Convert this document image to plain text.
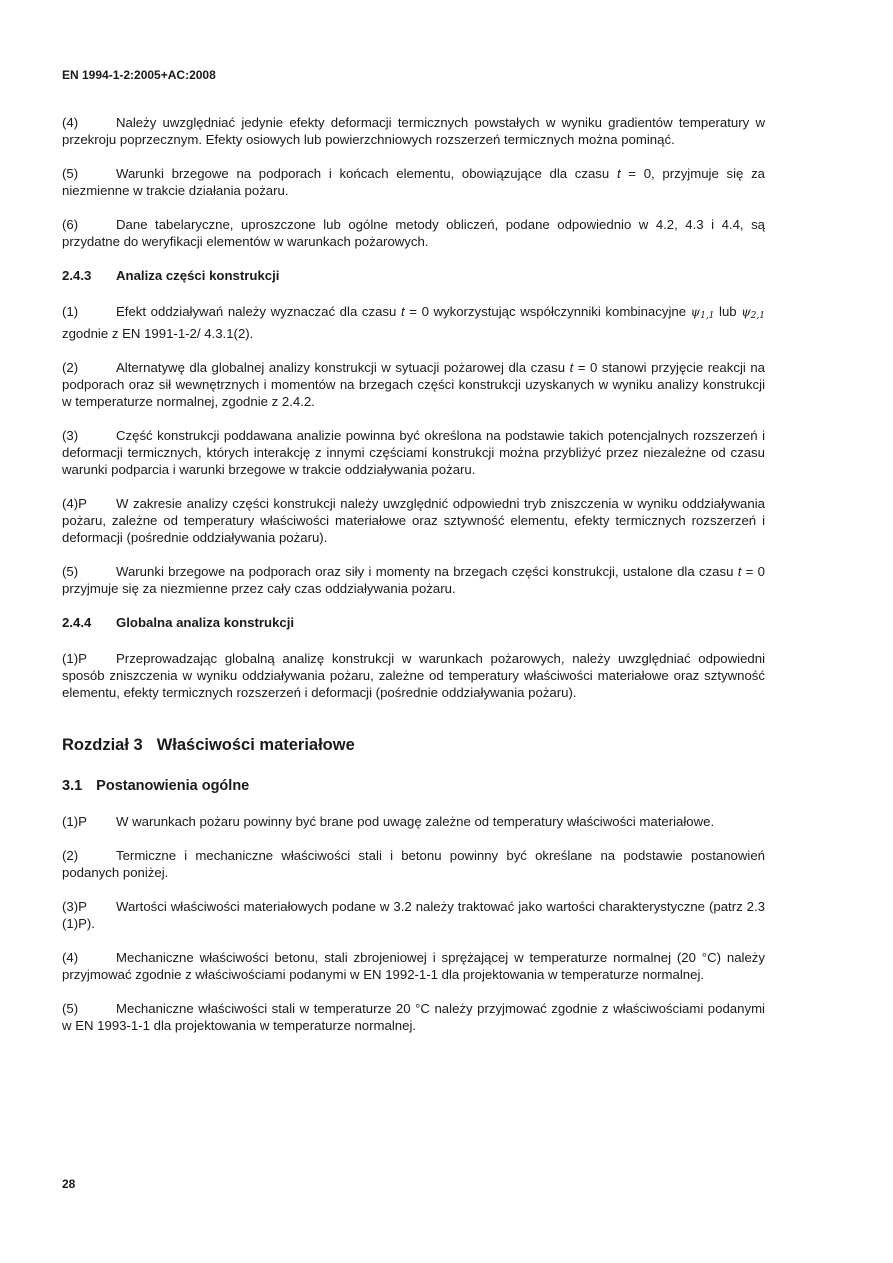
EN 1994-1-2:2005+AC:2008

(4)	Należy uwzględniać jedynie efekty deformacji termicznych powstałych w wyniku gradientów temperatury w przekroju poprzecznym. Efekty osiowych lub powierzchniowych rozszerzeń termicznych można pominąć.

(5)	Warunki brzegowe na podporach i końcach elementu, obowiązujące dla czasu t = 0, przyjmuje się za niezmienne w trakcie działania pożaru.

(6)	Dane tabelaryczne, uproszczone lub ogólne metody obliczeń, podane odpowiednio w 4.2, 4.3 i 4.4, są przydatne do weryfikacji elementów w warunkach pożarowych.

2.4.3 Analiza części konstrukcji

(1)	Efekt oddziaływań należy wyznaczać dla czasu t = 0 wykorzystując współczynniki kombinacyjne $\psi_{1,1}$ lub $\psi_{2,1}$ zgodnie z EN 1991-1-2/ 4.3.1(2).

(2)	Alternatywę dla globalnej analizy konstrukcji w sytuacji pożarowej dla czasu t = 0 stanowi przyjęcie reakcji na podporach oraz sił wewnętrznych i momentów na brzegach części konstrukcji uzyskanych w wyniku analizy konstrukcji w temperaturze normalnej, zgodnie z 2.4.2.

(3)	Część konstrukcji poddawana analizie powinna być określona na podstawie takich potencjalnych rozszerzeń i deformacji termicznych, których interakcję z innymi częściami konstrukcji można przybliżyć przez niezależne od czasu warunki podparcia i warunki brzegowe w trakcie oddziaływania pożaru.

(4)P W zakresie analizy części konstrukcji należy uwzględnić odpowiedni tryb zniszczenia w wyniku oddziaływania pożaru, zależne od temperatury właściwości materiałowe oraz sztywność elementu, efekty termicznych rozszerzeń i deformacji (pośrednie oddziaływania pożaru).

(5)	Warunki brzegowe na podporach oraz siły i momenty na brzegach części konstrukcji, ustalone dla czasu t = 0 przyjmuje się za niezmienne przez cały czas oddziaływania pożaru.

2.4.4 Globalna analiza konstrukcji

(1)P Przeprowadzając globalną analizę konstrukcji w warunkach pożarowych, należy uwzględniać odpowiedni sposób zniszczenia w wyniku oddziaływania pożaru, zależne od temperatury właściwości materiałowe oraz sztywność elementu, efekty termicznych rozszerzeń i deformacji (pośrednie oddziaływania pożaru).

Rozdział 3 Właściwości materiałowe
3.1 Postanowienia ogólne

(1)P W warunkach pożaru powinny być brane pod uwagę zależne od temperatury właściwości materiałowe.

(2)	Termiczne i mechaniczne właściwości stali i betonu powinny być określane na podstawie postanowień podanych poniżej.

(3)P Wartości właściwości materiałowych podane w 3.2 należy traktować jako wartości charakterystyczne (patrz 2.3 (1)P).

(4)	Mechaniczne właściwości betonu, stali zbrojeniowej i sprężającej w temperaturze normalnej (20 °C) należy przyjmować zgodnie z właściwościami podanymi w EN 1992-1-1 dla projektowania w temperaturze normalnej.

(5)	Mechaniczne właściwości stali w temperaturze 20 °C należy przyjmować zgodnie z właściwościami podanymi w EN 1993-1-1 dla projektowania w temperaturze normalnej.

28
